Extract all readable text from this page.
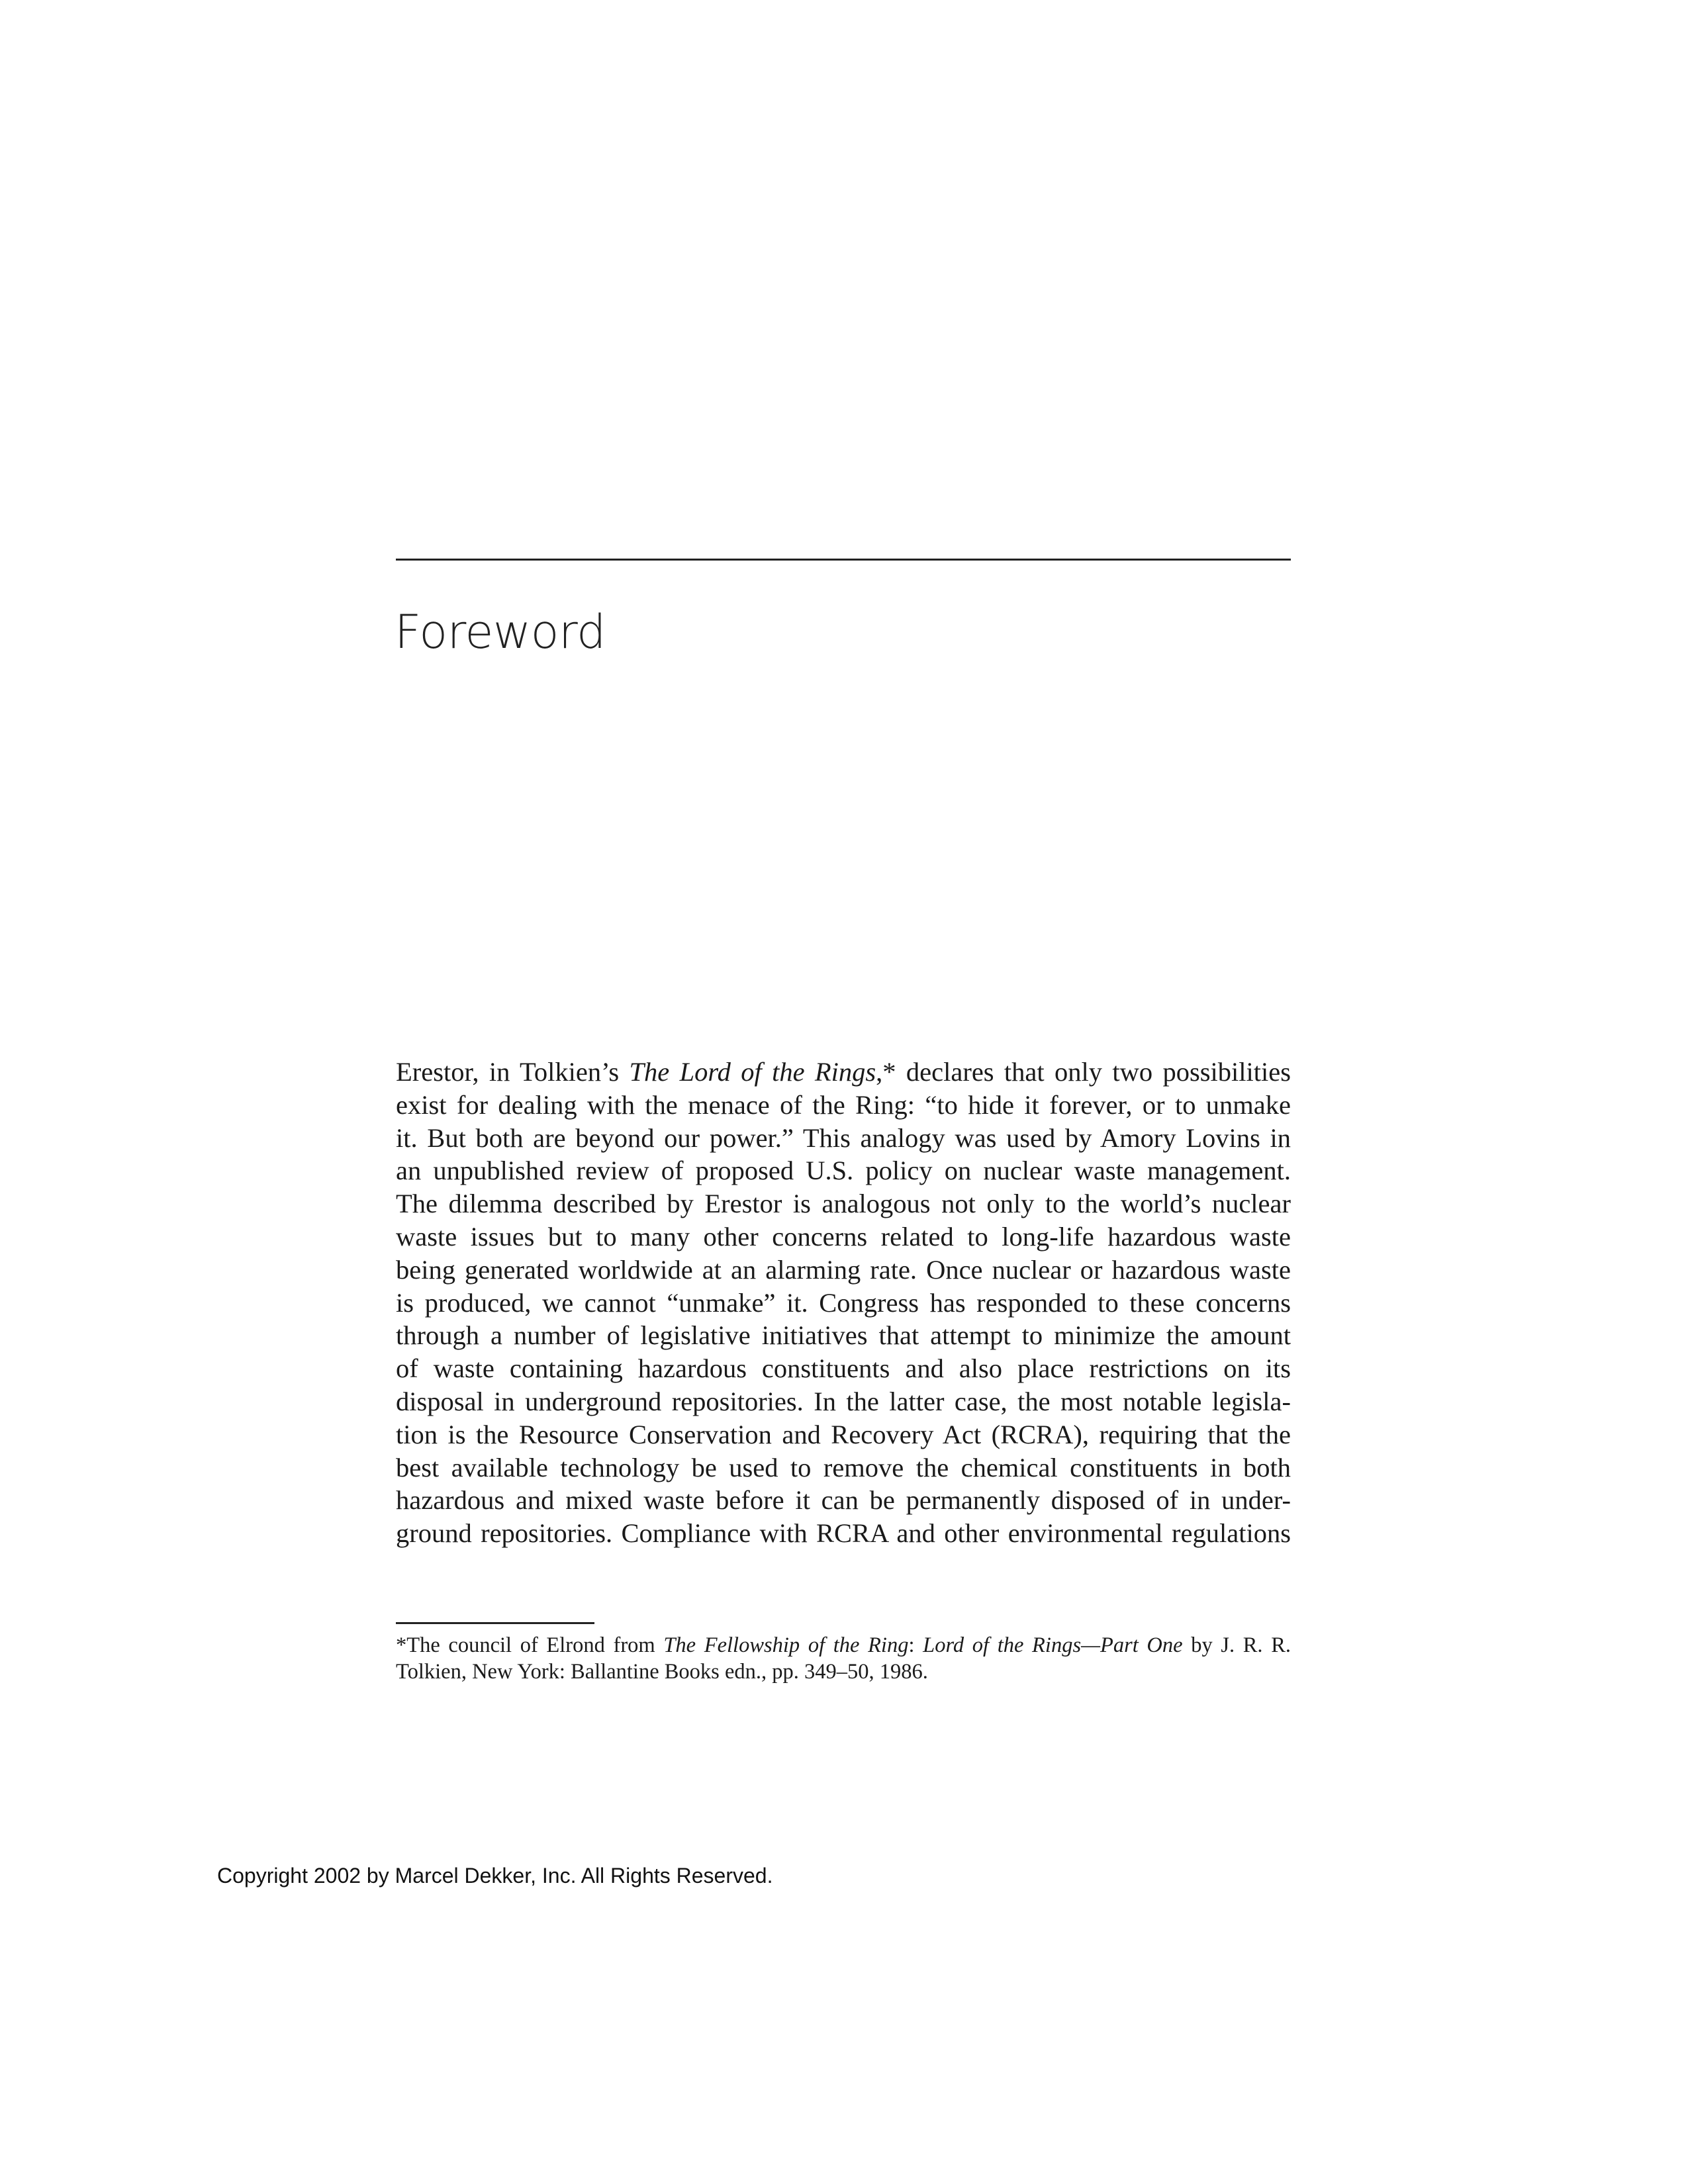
Foreword
Erestor, in Tolkien’s The Lord of the Rings,* declares that only two possibilities
exist for dealing with the menace of the Ring: “to hide it forever, or to unmake
it. But both are beyond our power.” This analogy was used by Amory Lovins in
an unpublished review of proposed U.S. policy on nuclear waste management.
The dilemma described by Erestor is analogous not only to the world’s nuclear
waste issues but to many other concerns related to long-life hazardous waste
being generated worldwide at an alarming rate. Once nuclear or hazardous waste
is produced, we cannot “unmake” it. Congress has responded to these concerns
through a number of legislative initiatives that attempt to minimize the amount
of waste containing hazardous constituents and also place restrictions on its
disposal in underground repositories. In the latter case, the most notable legisla-
tion is the Resource Conservation and Recovery Act (RCRA), requiring that the
best available technology be used to remove the chemical constituents in both
hazardous and mixed waste before it can be permanently disposed of in under-
ground repositories. Compliance with RCRA and other environmental regulations
*The council of Elrond from The Fellowship of the Ring: Lord of the Rings—Part One by J. R. R.
Tolkien, New York: Ballantine Books edn., pp. 349–50, 1986.

Copyright 2002 by Marcel Dekker, Inc. All Rights Reserved.
